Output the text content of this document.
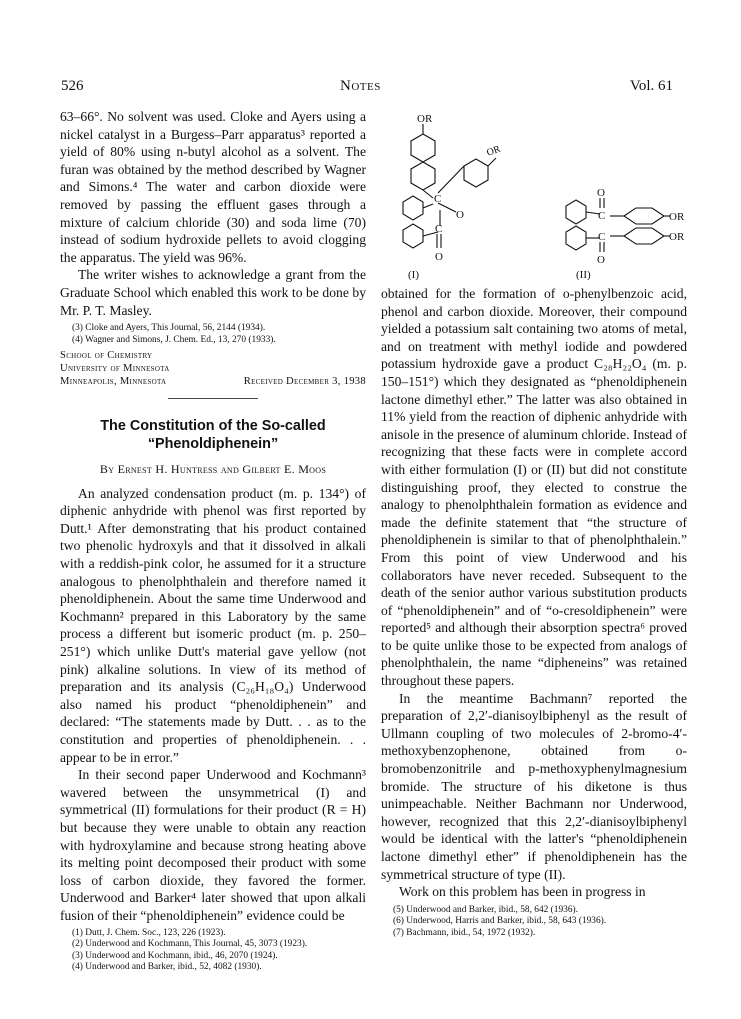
526	Notes	Vol. 61

63–66°. No solvent was used. Cloke and Ayers using a nickel catalyst in a Burgess–Parr apparatus³ reported a yield of 80% using n-butyl alcohol as a solvent. The furan was obtained by the method described by Wagner and Simons.⁴ The water and carbon dioxide were removed by passing the effluent gases through a mixture of calcium chloride (30) and soda lime (70) instead of sodium hydroxide pellets to avoid clogging the apparatus. The yield was 96%.

The writer wishes to acknowledge a grant from the Graduate School which enabled this work to be done by Mr. P. T. Masley.

(3) Cloke and Ayers, This Journal, 56, 2144 (1934).

(4) Wagner and Simons, J. Chem. Ed., 13, 270 (1933).

School of Chemistry
University of Minnesota
Minneapolis, Minnesota	Received December 3, 1938
The Constitution of the So-called
“Phenoldiphenein”
By Ernest H. Huntress and Gilbert E. Moos

An analyzed condensation product (m. p. 134°) of diphenic anhydride with phenol was first reported by Dutt.¹ After demonstrating that his product contained two phenolic hydroxyls and that it dissolved in alkali with a reddish-pink color, he assumed for it a structure analogous to phenolphthalein and therefore named it phenoldiphenein. About the same time Underwood and Kochmann² prepared in this Laboratory by the same process a different but isomeric product (m. p. 250–251°) which unlike Dutt's material gave yellow (not pink) alkaline solutions. In view of its method of preparation and its analysis (C₂₆H₁₈O₄) Underwood also named his product “phenoldiphenein” and declared: “The statements made by Dutt. . . as to the constitution and properties of phenoldiphenein. . . appear to be in error.”

In their second paper Underwood and Kochmann³ wavered between the unsymmetrical (I) and symmetrical (II) formulations for their product (R = H) but because they were unable to obtain any reaction with hydroxylamine and because strong heating above its melting point decomposed their product with some loss of carbon dioxide, they favored the former. Underwood and Barker⁴ later showed that upon alkali fusion of their “phenoldiphenein” evidence could be

(1) Dutt, J. Chem. Soc., 123, 226 (1923).

(2) Underwood and Kochmann, This Journal, 45, 3073 (1923).

(3) Underwood and Kochmann, ibid., 46, 2070 (1924).

(4) Underwood and Barker, ibid., 52, 4082 (1930).

OR
OR
C
O
C
O
(I)
O
C
C
O
OR
OR
(II)

obtained for the formation of o-phenylbenzoic acid, phenol and carbon dioxide. Moreover, their compound yielded a potassium salt containing two atoms of metal, and on treatment with methyl iodide and powdered potassium hydroxide gave a product C₂₈H₂₂O₄ (m. p. 150–151°) which they designated as “phenoldiphenein lactone dimethyl ether.” The latter was also obtained in 11% yield from the reaction of diphenic anhydride with anisole in the presence of aluminum chloride. Instead of recognizing that these facts were in complete accord with either formulation (I) or (II) but did not constitute distinguishing proof, they elected to construe the analogy to phenolphthalein formation as evidence and made the definite statement that “the structure of phenoldiphenein is similar to that of phenolphthalein.” From this point of view Underwood and his collaborators have never receded. Subsequent to the death of the senior author various substitution products of “phenoldiphenein” and of “o-cresoldiphenein” were reported⁵ and although their absorption spectra⁶ proved to be quite unlike those to be expected from analogs of phenolphthalein, the name “dipheneins” was retained throughout these papers.

In the meantime Bachmann⁷ reported the preparation of 2,2′-dianisoylbiphenyl as the result of Ullmann coupling of two molecules of 2-bromo-4′-methoxybenzophenone, obtained from o-bromobenzonitrile and p-methoxyphenylmagnesium bromide. The structure of his diketone is thus unimpeachable. Neither Bachmann nor Underwood, however, recognized that this 2,2′-dianisoylbiphenyl would be identical with the latter's “phenoldiphenein lactone dimethyl ether” if phenoldiphenein has the symmetrical structure of type (II).

Work on this problem has been in progress in

(5) Underwood and Barker, ibid., 58, 642 (1936).

(6) Underwood, Harris and Barker, ibid., 58, 643 (1936).

(7) Bachmann, ibid., 54, 1972 (1932).
